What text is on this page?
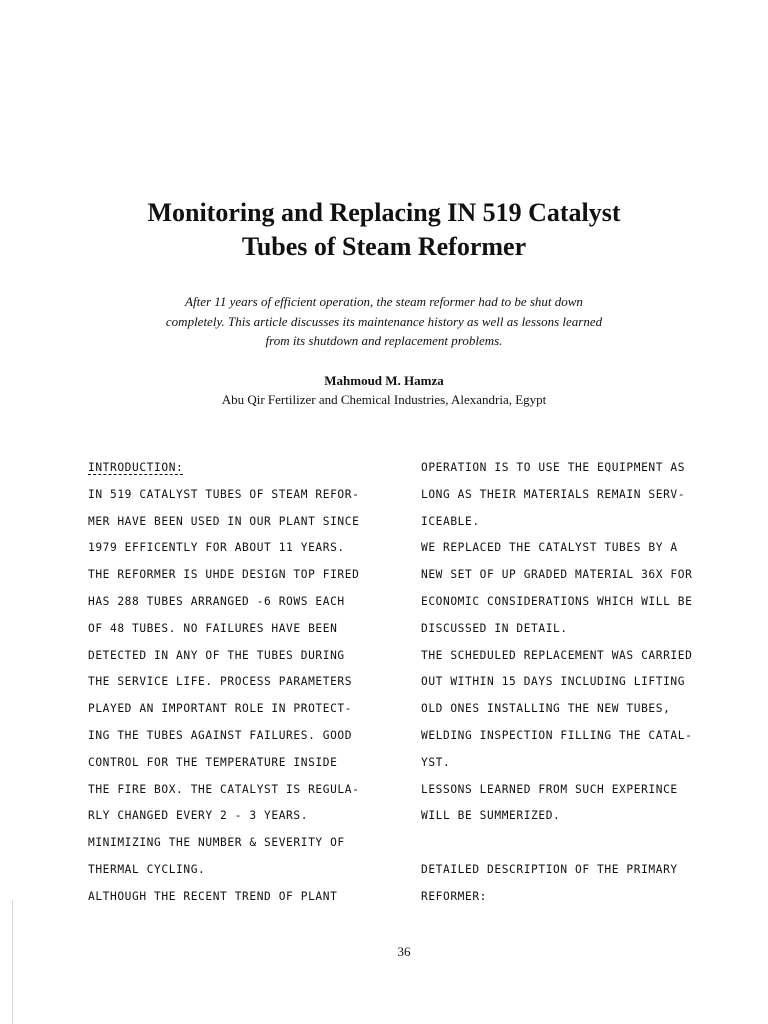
Monitoring and Replacing IN 519 Catalyst
Tubes of Steam Reformer
After 11 years of efficient operation, the steam reformer had to be shut down
completely. This article discusses its maintenance history as well as lessons learned
from its shutdown and replacement problems.
Mahmoud M. Hamza
Abu Qir Fertilizer and Chemical Industries, Alexandria, Egypt
INTRODUCTION:
IN 519 CATALYST TUBES OF STEAM REFOR-
MER HAVE BEEN USED IN OUR PLANT SINCE
1979 EFFICENTLY FOR ABOUT 11 YEARS.
THE REFORMER IS UHDE DESIGN TOP FIRED
HAS 288 TUBES ARRANGED -6 ROWS EACH
OF 48 TUBES. NO FAILURES HAVE BEEN
DETECTED IN ANY OF THE TUBES DURING
THE SERVICE LIFE. PROCESS PARAMETERS
PLAYED AN IMPORTANT ROLE IN PROTECT-
ING THE TUBES AGAINST FAILURES. GOOD
CONTROL FOR THE TEMPERATURE INSIDE
THE FIRE BOX. THE CATALYST IS REGULA-
RLY CHANGED EVERY 2 - 3 YEARS.
MINIMIZING THE NUMBER & SEVERITY OF
THERMAL CYCLING.
ALTHOUGH THE RECENT TREND OF PLANT
OPERATION IS TO USE THE EQUIPMENT AS
LONG AS THEIR MATERIALS REMAIN SERV-
ICEABLE.
WE REPLACED THE CATALYST TUBES BY A
NEW SET OF UP GRADED MATERIAL 36X FOR
ECONOMIC CONSIDERATIONS WHICH WILL BE
DISCUSSED IN DETAIL.
THE SCHEDULED REPLACEMENT WAS CARRIED
OUT WITHIN 15 DAYS INCLUDING LIFTING
OLD ONES INSTALLING THE NEW TUBES,
WELDING INSPECTION FILLING THE CATAL-
YST.
LESSONS LEARNED FROM SUCH EXPERINCE
WILL BE SUMMERIZED.
DETAILED DESCRIPTION OF THE PRIMARY
REFORMER:
36
